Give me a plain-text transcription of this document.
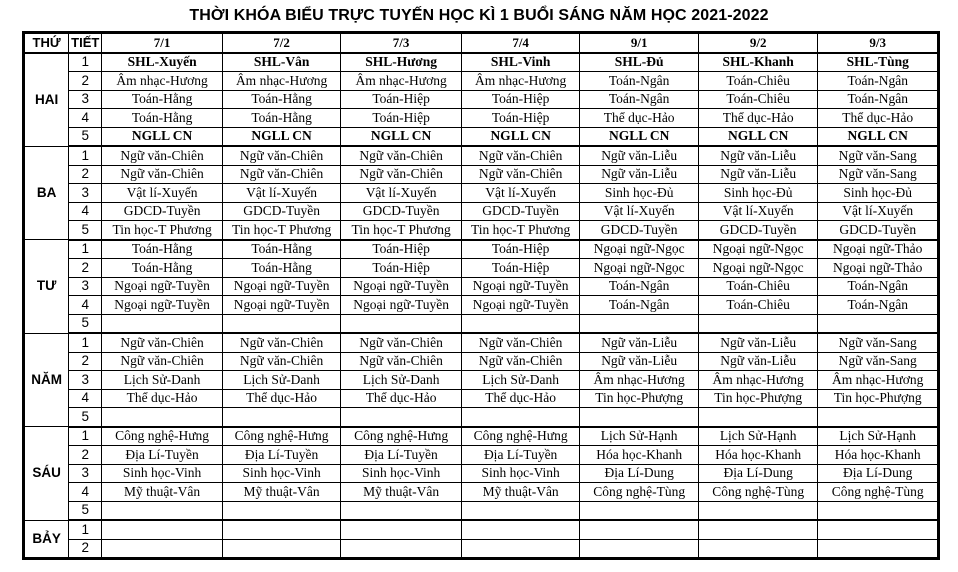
THỜI KHÓA BIỂU TRỰC TUYẾN HỌC KÌ 1 BUỔI SÁNG NĂM HỌC 2021-2022
THỨ	TIẾT	7/1	7/2	7/3	7/4	9/1	9/2	9/3
HAI	1	SHL-Xuyến	SHL-Vân	SHL-Hương	SHL-Vinh	SHL-Đủ	SHL-Khanh	SHL-Tùng
	2	Âm nhạc-Hương	Âm nhạc-Hương	Âm nhạc-Hương	Âm nhạc-Hương	Toán-Ngân	Toán-Chiêu	Toán-Ngân
	3	Toán-Hằng	Toán-Hằng	Toán-Hiệp	Toán-Hiệp	Toán-Ngân	Toán-Chiêu	Toán-Ngân
	4	Toán-Hằng	Toán-Hằng	Toán-Hiệp	Toán-Hiệp	Thể dục-Hảo	Thể dục-Hảo	Thể dục-Hảo
	5	NGLL CN	NGLL CN	NGLL CN	NGLL CN	NGLL CN	NGLL CN	NGLL CN
BA	1	Ngữ văn-Chiên	Ngữ văn-Chiên	Ngữ văn-Chiên	Ngữ văn-Chiên	Ngữ văn-Liễu	Ngữ văn-Liễu	Ngữ văn-Sang
	2	Ngữ văn-Chiên	Ngữ văn-Chiên	Ngữ văn-Chiên	Ngữ văn-Chiên	Ngữ văn-Liễu	Ngữ văn-Liễu	Ngữ văn-Sang
	3	Vật lí-Xuyến	Vật lí-Xuyến	Vật lí-Xuyến	Vật lí-Xuyến	Sinh học-Đủ	Sinh học-Đủ	Sinh học-Đủ
	4	GDCD-Tuyền	GDCD-Tuyền	GDCD-Tuyền	GDCD-Tuyền	Vật lí-Xuyến	Vật lí-Xuyến	Vật lí-Xuyến
	5	Tin học-T Phương	Tin học-T Phương	Tin học-T Phương	Tin học-T Phương	GDCD-Tuyền	GDCD-Tuyền	GDCD-Tuyền
TƯ	1	Toán-Hằng	Toán-Hằng	Toán-Hiệp	Toán-Hiệp	Ngoại ngữ-Ngọc	Ngoại ngữ-Ngọc	Ngoại ngữ-Thảo
	2	Toán-Hằng	Toán-Hằng	Toán-Hiệp	Toán-Hiệp	Ngoại ngữ-Ngọc	Ngoại ngữ-Ngọc	Ngoại ngữ-Thảo
	3	Ngoại ngữ-Tuyền	Ngoại ngữ-Tuyền	Ngoại ngữ-Tuyền	Ngoại ngữ-Tuyền	Toán-Ngân	Toán-Chiêu	Toán-Ngân
	4	Ngoại ngữ-Tuyền	Ngoại ngữ-Tuyền	Ngoại ngữ-Tuyền	Ngoại ngữ-Tuyền	Toán-Ngân	Toán-Chiêu	Toán-Ngân
	5							
NĂM	1	Ngữ văn-Chiên	Ngữ văn-Chiên	Ngữ văn-Chiên	Ngữ văn-Chiên	Ngữ văn-Liễu	Ngữ văn-Liễu	Ngữ văn-Sang
	2	Ngữ văn-Chiên	Ngữ văn-Chiên	Ngữ văn-Chiên	Ngữ văn-Chiên	Ngữ văn-Liễu	Ngữ văn-Liễu	Ngữ văn-Sang
	3	Lịch Sử-Danh	Lịch Sử-Danh	Lịch Sử-Danh	Lịch Sử-Danh	Âm nhạc-Hương	Âm nhạc-Hương	Âm nhạc-Hương
	4	Thể dục-Hảo	Thể dục-Hảo	Thể dục-Hảo	Thể dục-Hảo	Tin học-Phượng	Tin học-Phượng	Tin học-Phượng
	5							
SÁU	1	Công nghệ-Hưng	Công nghệ-Hưng	Công nghệ-Hưng	Công nghệ-Hưng	Lịch Sử-Hạnh	Lịch Sử-Hạnh	Lịch Sử-Hạnh
	2	Địa Lí-Tuyền	Địa Lí-Tuyền	Địa Lí-Tuyền	Địa Lí-Tuyền	Hóa học-Khanh	Hóa học-Khanh	Hóa học-Khanh
	3	Sinh học-Vinh	Sinh học-Vinh	Sinh học-Vinh	Sinh học-Vinh	Địa Lí-Dung	Địa Lí-Dung	Địa Lí-Dung
	4	Mỹ thuật-Vân	Mỹ thuật-Vân	Mỹ thuật-Vân	Mỹ thuật-Vân	Công nghệ-Tùng	Công nghệ-Tùng	Công nghệ-Tùng
	5							
BẢY	1							
	2							
